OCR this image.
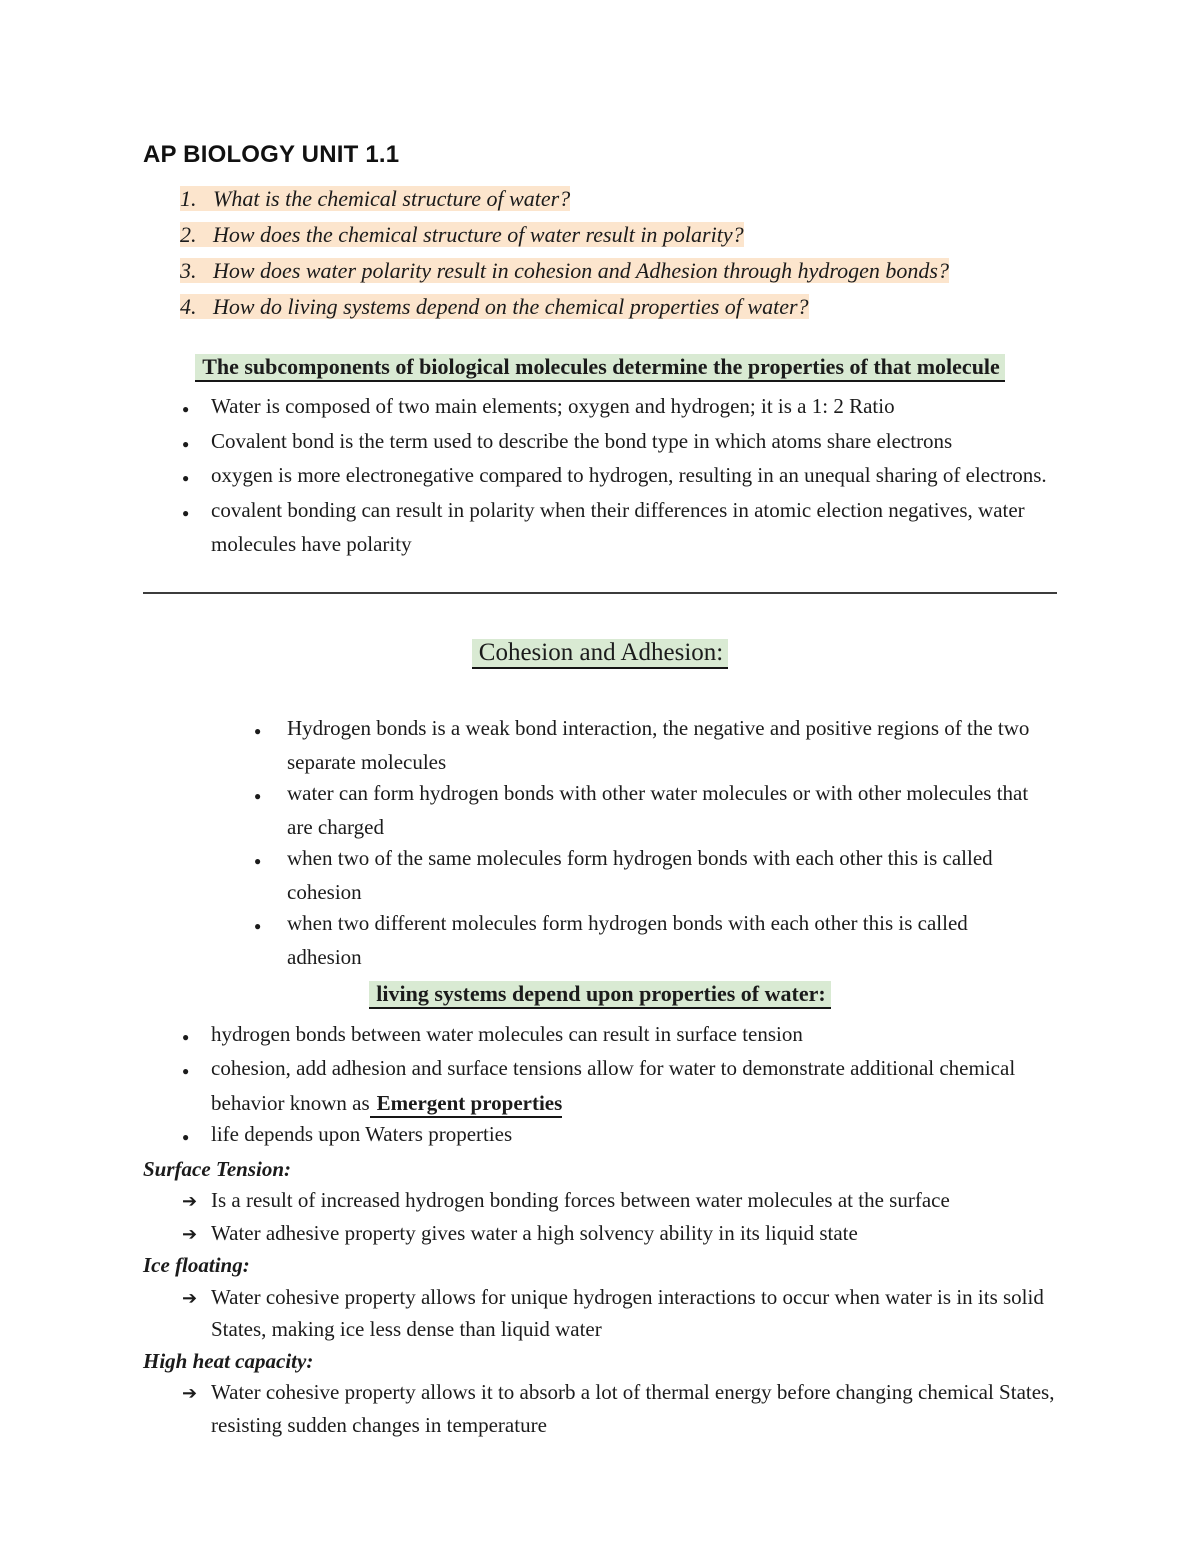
AP BIOLOGY UNIT 1.1
1. What is the chemical structure of water?
2. How does the chemical structure of water result in polarity?
3. How does water polarity result in cohesion and Adhesion through hydrogen bonds?
4. How do living systems depend on the chemical properties of water?
The subcomponents of biological molecules determine the properties of that molecule
● Water is composed of two main elements; oxygen and hydrogen; it is a 1: 2 Ratio
● Covalent bond is the term used to describe the bond type in which atoms share electrons
● oxygen is more electronegative compared to hydrogen, resulting in an unequal sharing of electrons.
● covalent bonding can result in polarity when their differences in atomic election negatives, water molecules have polarity
Cohesion and Adhesion:
● Hydrogen bonds is a weak bond interaction, the negative and positive regions of the two separate molecules
● water can form hydrogen bonds with other water molecules or with other molecules that are charged
● when two of the same molecules form hydrogen bonds with each other this is called cohesion
● when two different molecules form hydrogen bonds with each other this is called adhesion
living systems depend upon properties of water:
● hydrogen bonds between water molecules can result in surface tension
● cohesion, add adhesion and surface tensions allow for water to demonstrate additional chemical behavior known as Emergent properties
● life depends upon Waters properties
Surface Tension:
➔ Is a result of increased hydrogen bonding forces between water molecules at the surface
➔ Water adhesive property gives water a high solvency ability in its liquid state
Ice floating:
➔ Water cohesive property allows for unique hydrogen interactions to occur when water is in its solid States, making ice less dense than liquid water
High heat capacity:
➔ Water cohesive property allows it to absorb a lot of thermal energy before changing chemical States, resisting sudden changes in temperature
